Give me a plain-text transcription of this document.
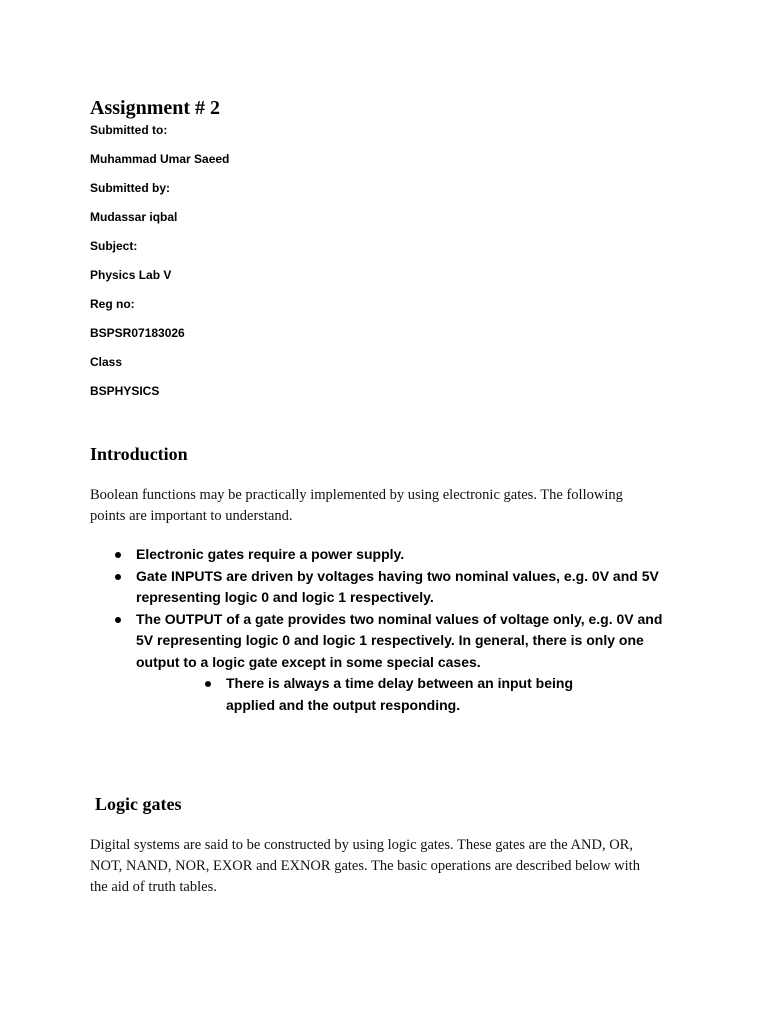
Assignment # 2
Submitted to:
Muhammad Umar Saeed
Submitted by:
Mudassar iqbal
Subject:
Physics Lab V
Reg no:
BSPSR07183026
Class
BSPHYSICS
Introduction
Boolean functions may be practically implemented by using electronic gates. The following points are important to understand.
Electronic gates require a power supply.
Gate INPUTS are driven by voltages having two nominal values, e.g. 0V and 5V representing logic 0 and logic 1 respectively.
The OUTPUT of a gate provides two nominal values of voltage only, e.g. 0V and 5V representing logic 0 and logic 1 respectively. In general, there is only one output to a logic gate except in some special cases.
There is always a time delay between an input being applied and the output responding.
Logic gates
Digital systems are said to be constructed by using logic gates. These gates are the AND, OR, NOT, NAND, NOR, EXOR and EXNOR gates. The basic operations are described below with the aid of truth tables.
